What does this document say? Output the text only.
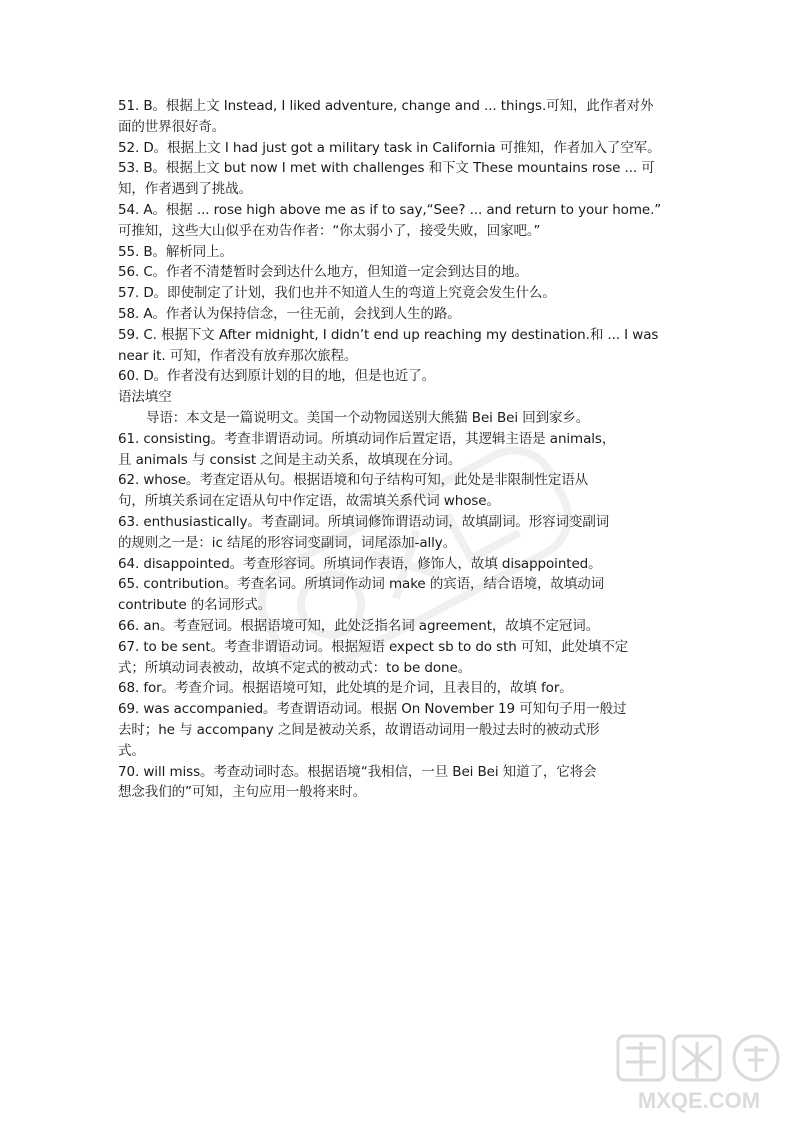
51. B。根据上文 Instead, I liked adventure, change and ... things.可知，此作者对外
面的世界很好奇。
52. D。根据上文 I had just got a military task in California 可推知，作者加入了空军。
53. B。根据上文 but now I met with challenges 和下文 These mountains rose ... 可
知，作者遇到了挑战。
54. A。根据 ... rose high above me as if to say,“See? ... and return to your home.”
可推知，这些大山似乎在劝告作者：“你太弱小了，接受失败，回家吧。”
55. B。解析同上。
56. C。作者不清楚暂时会到达什么地方，但知道一定会到达目的地。
57. D。即使制定了计划，我们也并不知道人生的弯道上究竟会发生什么。
58. A。作者认为保持信念，一往无前，会找到人生的路。
59. C. 根据下文 After midnight, I didn’t end up reaching my destination.和 ... I was
near it. 可知，作者没有放弃那次旅程。
60. D。作者没有达到原计划的目的地，但是也近了。
语法填空
导语：本文是一篇说明文。美国一个动物园送别大熊猫 Bei Bei 回到家乡。
61. consisting。考查非谓语动词。所填动词作后置定语，其逻辑主语是 animals，
且 animals 与 consist 之间是主动关系，故填现在分词。
62. whose。考查定语从句。根据语境和句子结构可知，此处是非限制性定语从
句，所填关系词在定语从句中作定语，故需填关系代词 whose。
63. enthusiastically。考查副词。所填词修饰谓语动词，故填副词。形容词变副词
的规则之一是：ic 结尾的形容词变副词，词尾添加-ally。
64. disappointed。考查形容词。所填词作表语，修饰人，故填 disappointed。
65. contribution。考查名词。所填词作动词 make 的宾语，结合语境，故填动词
contribute 的名词形式。
66. an。考查冠词。根据语境可知，此处泛指名词 agreement，故填不定冠词。
67. to be sent。考查非谓语动词。根据短语 expect sb to do sth 可知，此处填不定
式；所填动词表被动，故填不定式的被动式：to be done。
68. for。考查介词。根据语境可知，此处填的是介词，且表目的，故填 for。
69. was accompanied。考查谓语动词。根据 On November 19 可知句子用一般过
去时；he 与 accompany 之间是被动关系，故谓语动词用一般过去时的被动式形
式。
70. will miss。考查动词时态。根据语境“我相信，一旦 Bei Bei 知道了，它将会
想念我们的”可知，主句应用一般将来时。
MXQE.COM
